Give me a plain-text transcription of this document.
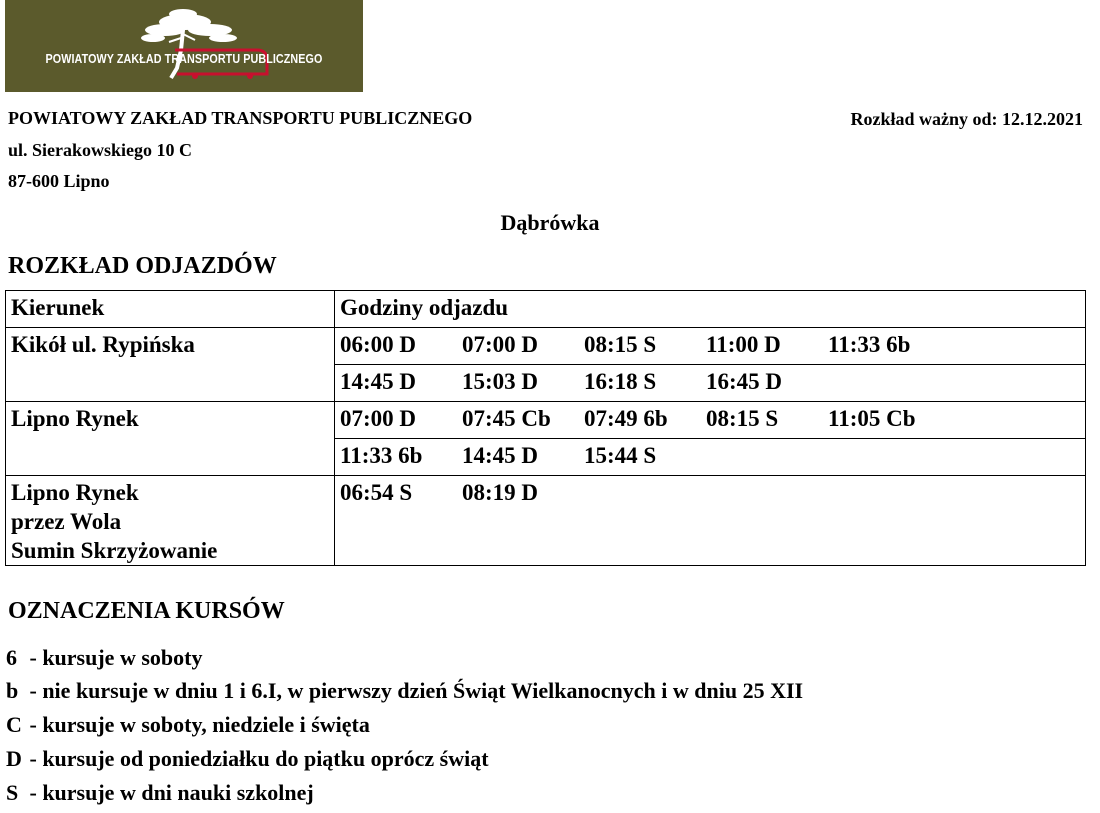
POWIATOWY ZAKŁAD TRANSPORTU PUBLICZNEGO
POWIATOWY ZAKŁAD TRANSPORTU PUBLICZNEGO
ul. Sierakowskiego 10 C
87-600 Lipno
Rozkład ważny od: 12.12.2021
Dąbrówka
ROZKŁAD ODJAZDÓW
Kierunek	Godziny odjazdu
Kikół ul. Rypińska	06:00 D 07:00 D 08:15 S 11:00 D 11:33 6b
	14:45 D 15:03 D 16:18 S 16:45 D
Lipno Rynek	07:00 D 07:45 Cb 07:49 6b 08:15 S 11:05 Cb
	11:33 6b 14:45 D 15:44 S

Lipno Rynek
przez Wola
Sumin Skrzyżowanie	06:54 S 08:19 D
OZNACZENIA KURSÓW
6 - kursuje w soboty
b - nie kursuje w dniu 1 i 6.I, w pierwszy dzień Świąt Wielkanocnych i w dniu 25 XII
C - kursuje w soboty, niedziele i święta
D - kursuje od poniedziałku do piątku oprócz świąt
S - kursuje w dni nauki szkolnej
